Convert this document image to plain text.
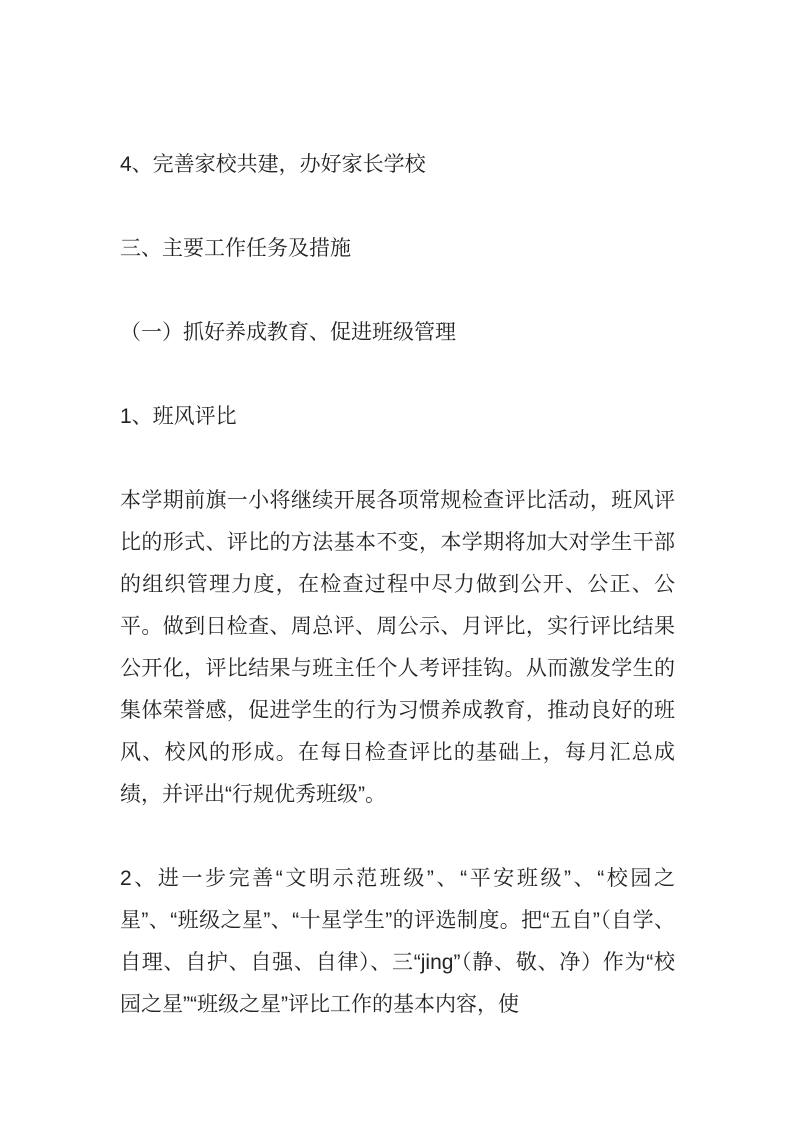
4、完善家校共建，办好家长学校

三、主要工作任务及措施

（一）抓好养成教育、促进班级管理

1、班风评比

本学期前旗一小将继续开展各项常规检查评比活动，班风评比的形式、评比的方法基本不变，本学期将加大对学生干部的组织管理力度，在检查过程中尽力做到公开、公正、公平。做到日检查、周总评、周公示、月评比，实行评比结果公开化，评比结果与班主任个人考评挂钩。从而激发学生的集体荣誉感，促进学生的行为习惯养成教育，推动良好的班风、校风的形成。在每日检查评比的基础上，每月汇总成绩，并评出“行规优秀班级”。

2、进一步完善“文明示范班级”、“平安班级”、“校园之星”、“班级之星”、“十星学生”的评选制度。把“五自”（自学、自理、自护、自强、自律）、三“jing”（静、敬、净）作为“校园之星”“班级之星”评比工作的基本内容，使
